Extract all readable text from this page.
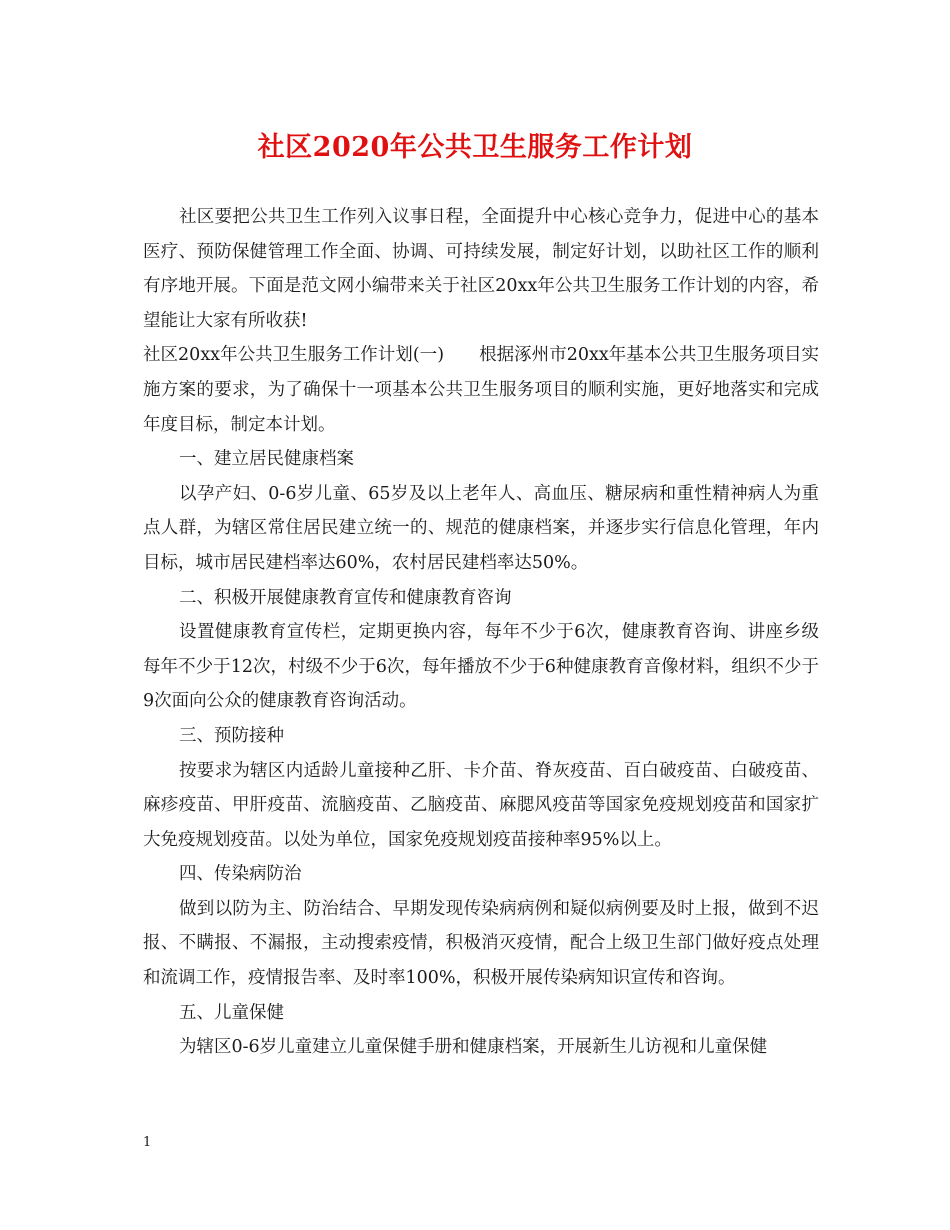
社区2020年公共卫生服务工作计划

社区要把公共卫生工作列入议事日程，全面提升中心核心竞争力，促进中心的基本医疗、预防保健管理工作全面、协调、可持续发展，制定好计划，以助社区工作的顺利有序地开展。下面是范文网小编带来关于社区20xx年公共卫生服务工作计划的内容，希望能让大家有所收获!

社区20xx年公共卫生服务工作计划(一)　　根据涿州市20xx年基本公共卫生服务项目实施方案的要求，为了确保十一项基本公共卫生服务项目的顺利实施，更好地落实和完成年度目标，制定本计划。

一、建立居民健康档案

以孕产妇、0-6岁儿童、65岁及以上老年人、高血压、糖尿病和重性精神病人为重点人群，为辖区常住居民建立统一的、规范的健康档案，并逐步实行信息化管理，年内目标，城市居民建档率达60%，农村居民建档率达50%。

二、积极开展健康教育宣传和健康教育咨询

设置健康教育宣传栏，定期更换内容，每年不少于6次，健康教育咨询、讲座乡级每年不少于12次，村级不少于6次，每年播放不少于6种健康教育音像材料，组织不少于9次面向公众的健康教育咨询活动。

三、预防接种

按要求为辖区内适龄儿童接种乙肝、卡介苗、脊灰疫苗、百白破疫苗、白破疫苗、麻疹疫苗、甲肝疫苗、流脑疫苗、乙脑疫苗、麻腮风疫苗等国家免疫规划疫苗和国家扩大免疫规划疫苗。以处为单位，国家免疫规划疫苗接种率95%以上。

四、传染病防治

做到以防为主、防治结合、早期发现传染病病例和疑似病例要及时上报，做到不迟报、不瞒报、不漏报，主动搜索疫情，积极消灭疫情，配合上级卫生部门做好疫点处理和流调工作，疫情报告率、及时率100%，积极开展传染病知识宣传和咨询。

五、儿童保健

为辖区0-6岁儿童建立儿童保健手册和健康档案，开展新生儿访视和儿童保健

1
